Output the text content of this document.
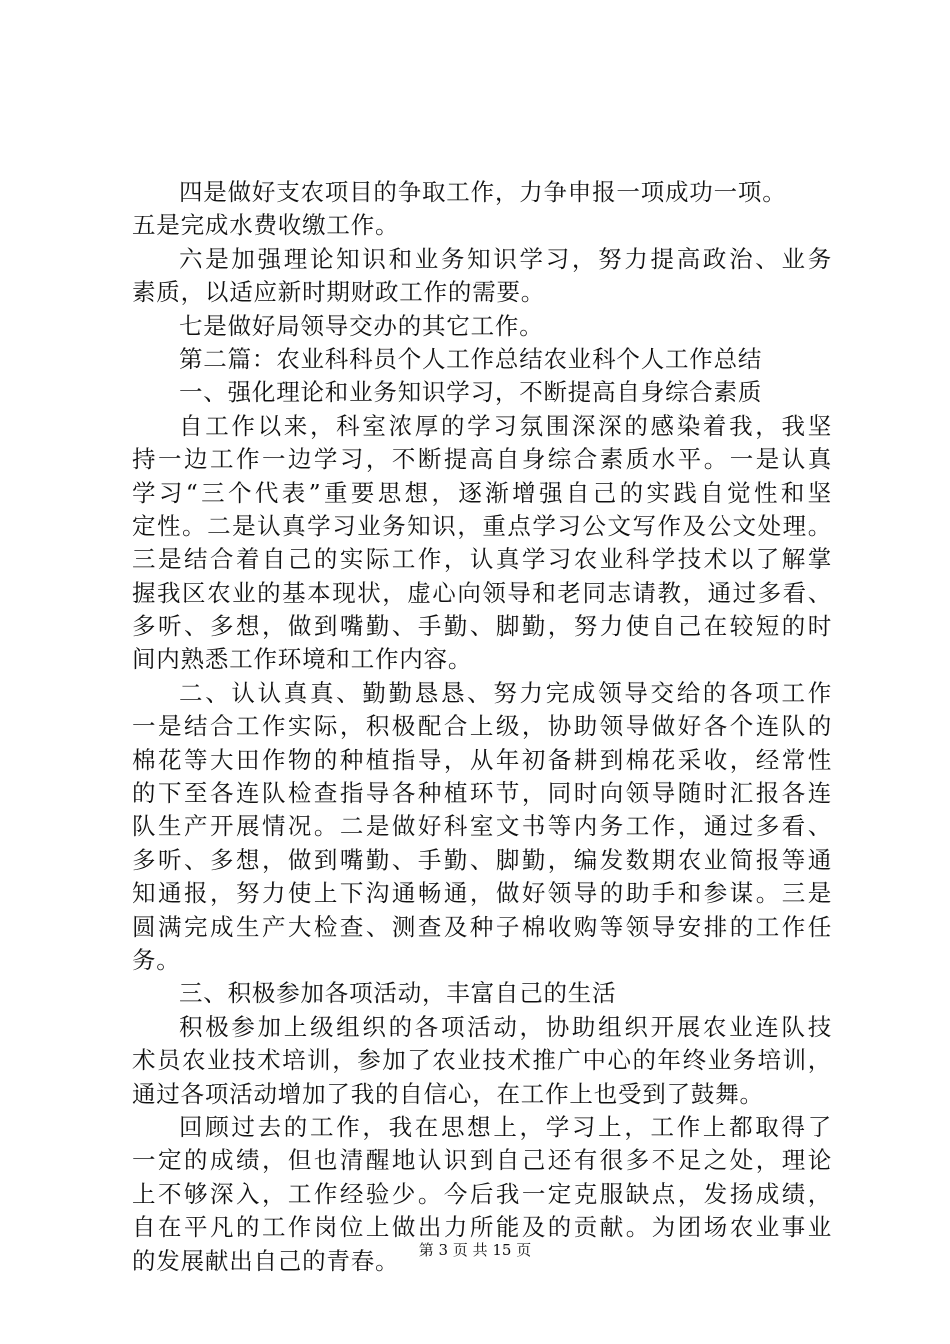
四是做好支农项目的争取工作，力争申报一项成功一项。
五是完成水费收缴工作。
六是加强理论知识和业务知识学习，努力提高政治、业务
素质，以适应新时期财政工作的需要。
七是做好局领导交办的其它工作。
第二篇：农业科科员个人工作总结农业科个人工作总结
一、强化理论和业务知识学习，不断提高自身综合素质
自工作以来，科室浓厚的学习氛围深深的感染着我，我坚
持一边工作一边学习，不断提高自身综合素质水平。一是认真
学习“三个代表”重要思想，逐渐增强自己的实践自觉性和坚
定性。二是认真学习业务知识，重点学习公文写作及公文处理。
三是结合着自己的实际工作，认真学习农业科学技术以了解掌
握我区农业的基本现状，虚心向领导和老同志请教，通过多看、
多听、多想，做到嘴勤、手勤、脚勤，努力使自己在较短的时
间内熟悉工作环境和工作内容。
二、认认真真、勤勤恳恳、努力完成领导交给的各项工作
一是结合工作实际，积极配合上级，协助领导做好各个连队的
棉花等大田作物的种植指导，从年初备耕到棉花采收，经常性
的下至各连队检查指导各种植环节，同时向领导随时汇报各连
队生产开展情况。二是做好科室文书等内务工作，通过多看、
多听、多想，做到嘴勤、手勤、脚勤，编发数期农业简报等通
知通报，努力使上下沟通畅通，做好领导的助手和参谋。三是
圆满完成生产大检查、测查及种子棉收购等领导安排的工作任
务。
三、积极参加各项活动，丰富自己的生活
积极参加上级组织的各项活动，协助组织开展农业连队技
术员农业技术培训，参加了农业技术推广中心的年终业务培训，
通过各项活动增加了我的自信心，在工作上也受到了鼓舞。
回顾过去的工作，我在思想上，学习上，工作上都取得了
一定的成绩，但也清醒地认识到自己还有很多不足之处，理论
上不够深入，工作经验少。今后我一定克服缺点，发扬成绩，
自在平凡的工作岗位上做出力所能及的贡献。为团场农业事业
的发展献出自己的青春。	第 3 页 共 15 页
